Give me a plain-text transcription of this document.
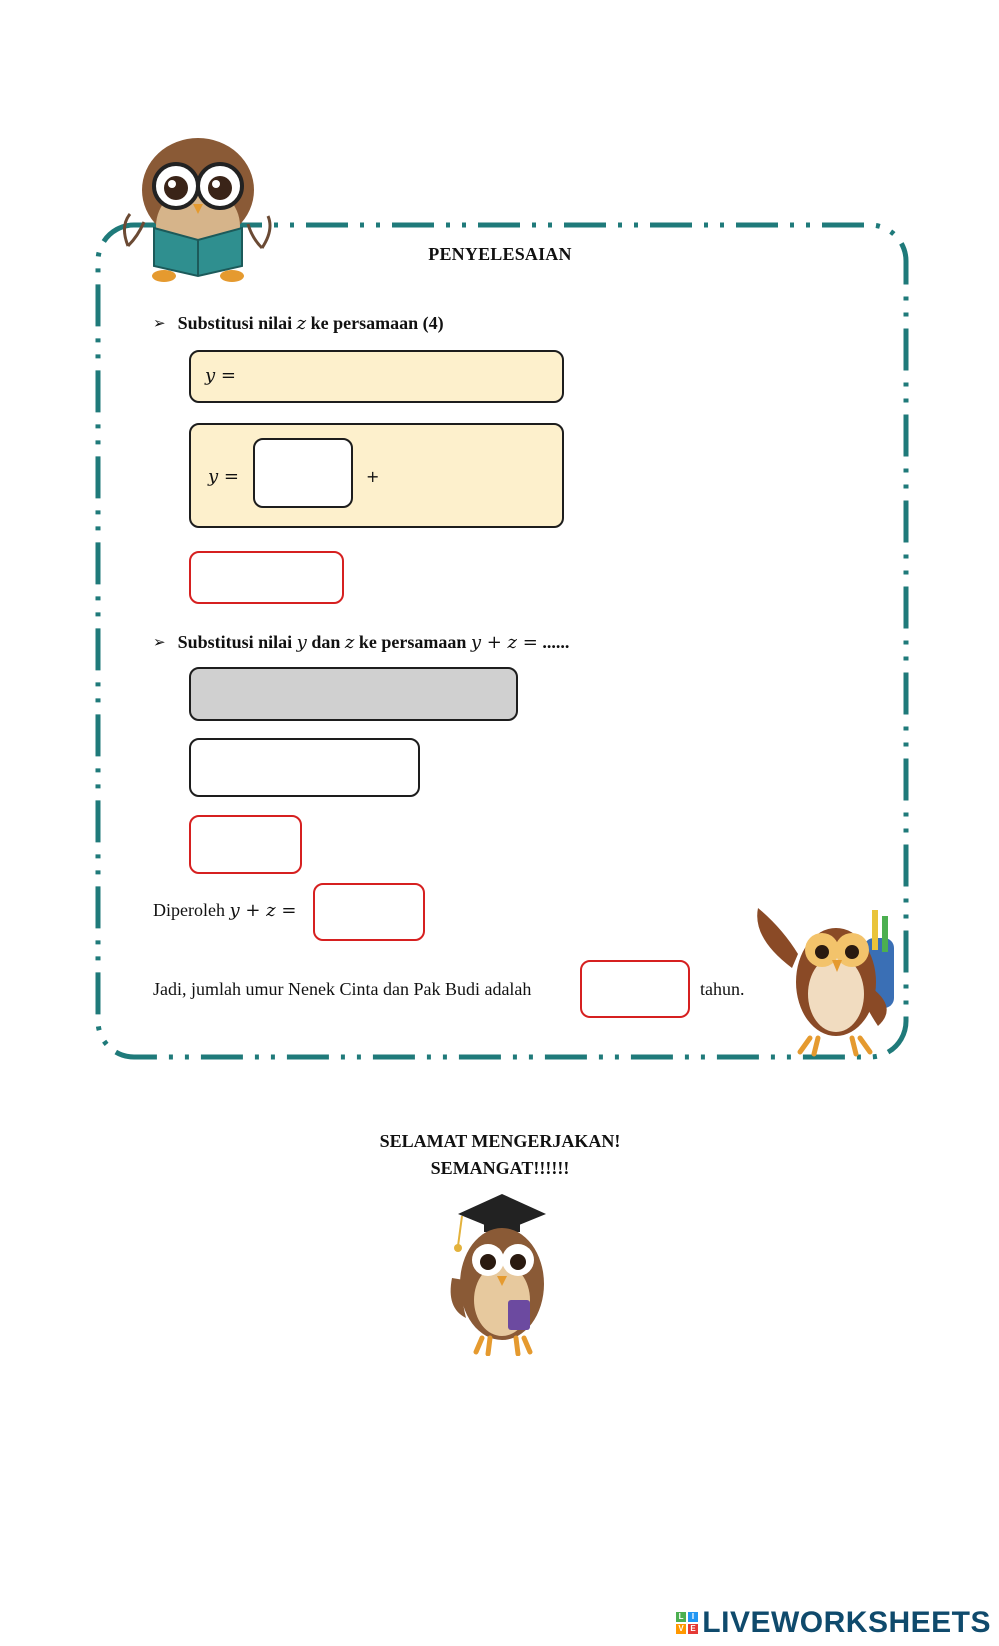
PENYELESAIAN
➢ Substitusi nilai z ke persamaan (4)
y =
y =	+
➢ Substitusi nilai y dan z ke persamaan y + z = ......
Diperoleh y + z =
Jadi, jumlah umur Nenek Cinta dan Pak Budi adalah	tahun.
SELAMAT MENGERJAKAN!
SEMANGAT!!!!!!
L I
V E LIVEWORKSHEETS
